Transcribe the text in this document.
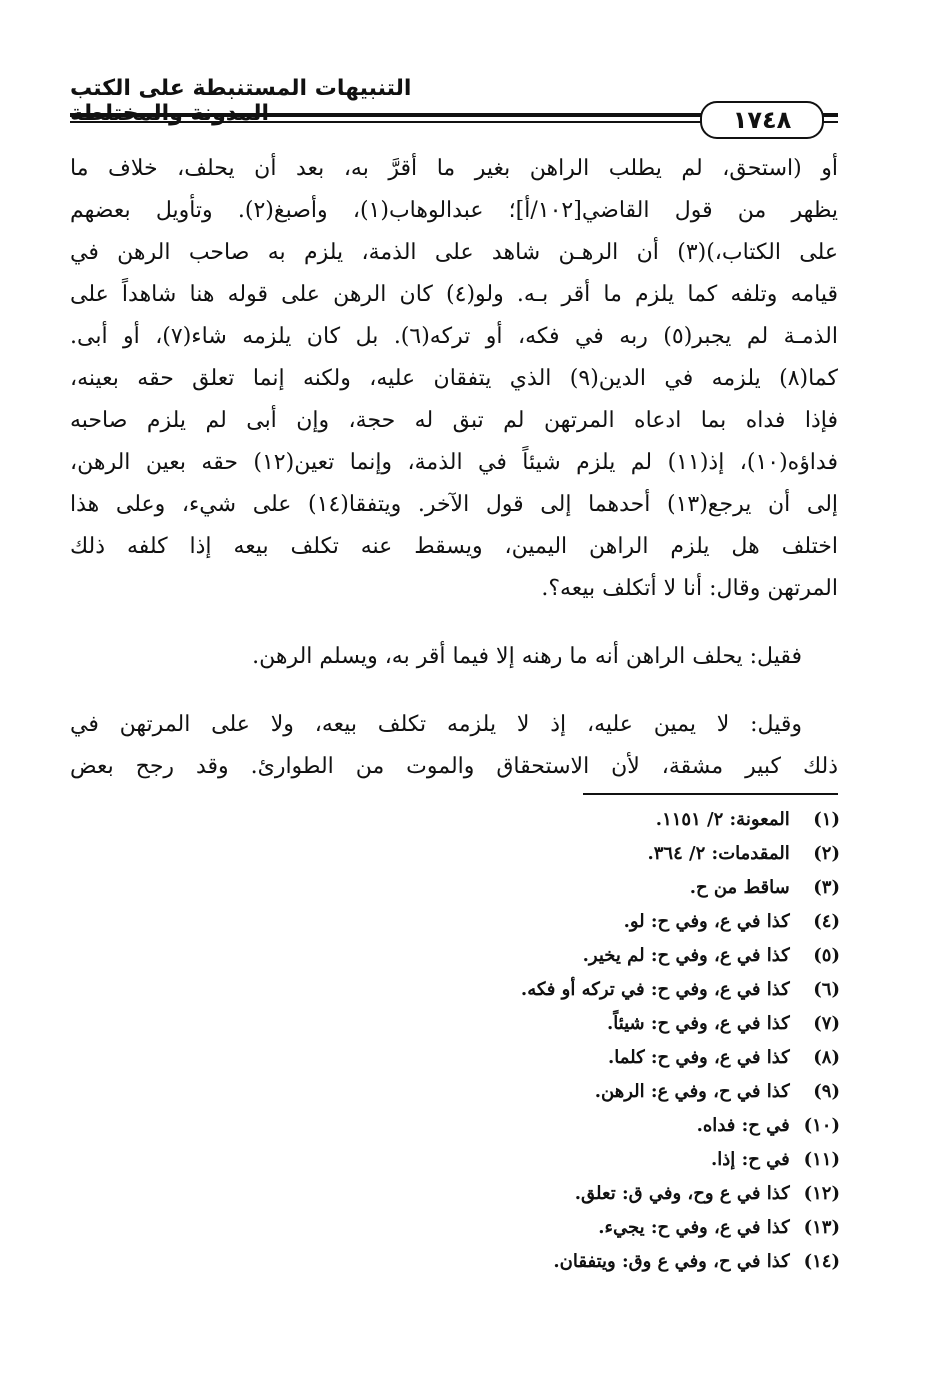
التنبيهات المستنبطة على الكتب
١٧٤٨
أو (استحق، لم يطلب الراهن بغير ما أقرَّ به، بعد أن يحلف، خلاف ما
يظهر من قول القاضي[١٠٢/أ]؛ عبدالوهاب(١)، وأصبغ(٢). وتأويل بعضهم
على الكتاب،)(٣) أن الرهـن شاهد على الذمة، يلزم به صاحب الرهن في
قيامه وتلفه كما يلزم ما أقر بـه. ولو(٤) كان الرهن على قوله هنا شاهداً على
الذمـة لم يجبر(٥) ربه في فكه، أو تركه(٦). بل كان يلزمه شاء(٧)، أو أبى.
كما(٨) يلزمه في الدين(٩) الذي يتفقان عليه، ولكنه إنما تعلق حقه بعينه،
فإذا فداه بما ادعاه المرتهن لم تبق له حجة، وإن أبى لم يلزم صاحبه
فداؤه(١٠)، إذ(١١) لم يلزم شيئاً في الذمة، وإنما تعين(١٢) حقه بعين الرهن،
إلى أن يرجع(١٣) أحدهما إلى قول الآخر. ويتفقا(١٤) على شيء، وعلى هذا
اختلف هل يلزم الراهن اليمين، ويسقط عنه تكلف بيعه إذا كلفه ذلك
المرتهن وقال: أنا لا أتكلف بيعه؟.
فقيل: يحلف الراهن أنه ما رهنه إلا فيما أقر به، ويسلم الرهن.
وقيل: لا يمين عليه، إذ لا يلزمه تكلف بيعه، ولا على المرتهن في
ذلك كبير مشقة، لأن الاستحقاق والموت من الطوارئ. وقد رجح بعض
(١) المعونة: ٢/ ١١٥١.
(٢) المقدمات: ٢/ ٣٦٤.
(٣) ساقط من ح.
(٤) كذا في ع، وفي ح: لو.
(٥) كذا في ع، وفي ح: لم يخير.
(٦) كذا في ع، وفي ح: في تركه أو فكه.
(٧) كذا في ع، وفي ح: شيئاً.
(٨) كذا في ع، وفي ح: كلما.
(٩) كذا في ح، وفي ع: الرهن.
(١٠) في ح: فداه.
(١١) في ح: إذا.
(١٢) كذا في ع وح، وفي ق: تعلق.
(١٣) كذا في ع، وفي ح: يجيء.
(١٤) كذا في ح، وفي ع وق: ويتفقان.
